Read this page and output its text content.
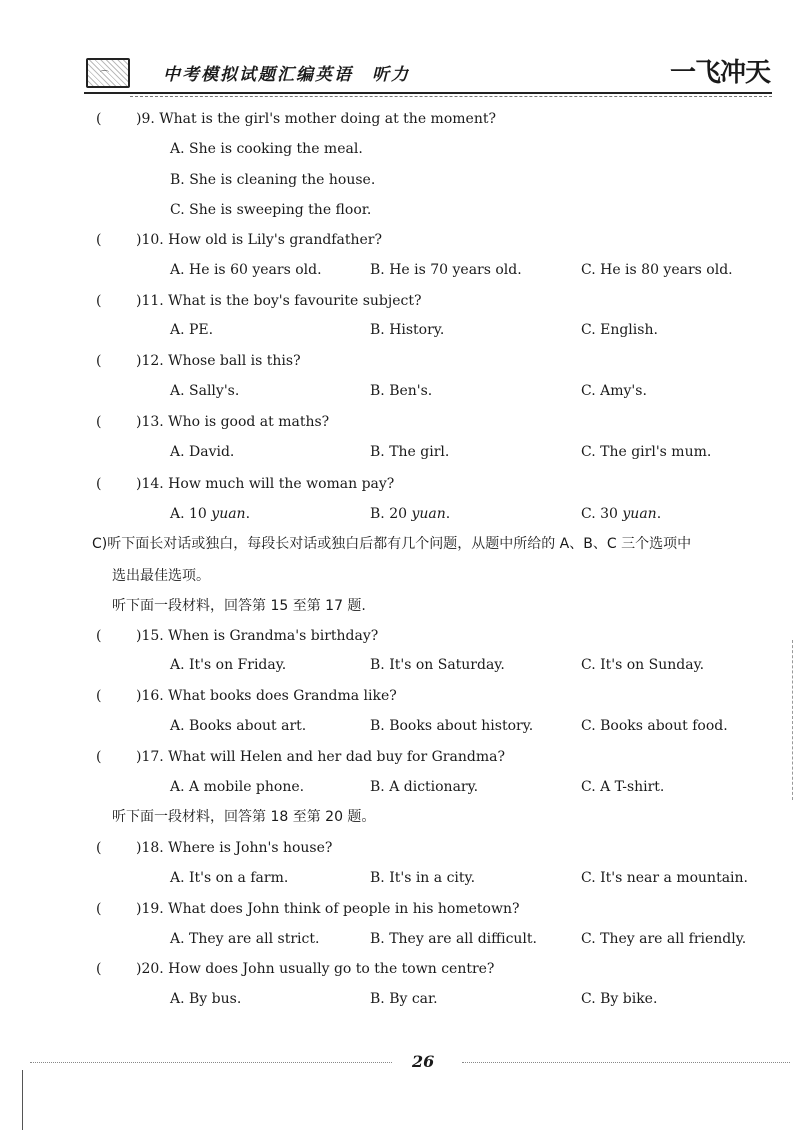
⌒	中考模拟试题汇编英语　听力	一飞冲天
( )9. What is the girl's mother doing at the moment?
A. She is cooking the meal.
B. She is cleaning the house.
C. She is sweeping the floor.
( )10. How old is Lily's grandfather?
A. He is 60 years old.	B. He is 70 years old.	C. He is 80 years old.
( )11. What is the boy's favourite subject?
A. PE.	B. History.	C. English.
( )12. Whose ball is this?
A. Sally's.	B. Ben's.	C. Amy's.
( )13. Who is good at maths?
A. David.	B. The girl.	C. The girl's mum.
( )14. How much will the woman pay?
A. 10 yuan.	B. 20 yuan.	C. 30 yuan.
C)听下面长对话或独白，每段长对话或独白后都有几个问题，从题中所给的 A、B、C 三个选项中
选出最佳选项。
听下面一段材料，回答第 15 至第 17 题.
( )15. When is Grandma's birthday?
A. It's on Friday.	B. It's on Saturday.	C. It's on Sunday.
( )16. What books does Grandma like?
A. Books about art.	B. Books about history.	C. Books about food.
( )17. What will Helen and her dad buy for Grandma?
A. A mobile phone.	B. A dictionary.	C. A T-shirt.
听下面一段材料，回答第 18 至第 20 题。
( )18. Where is John's house?
A. It's on a farm.	B. It's in a city.	C. It's near a mountain.
( )19. What does John think of people in his hometown?
A. They are all strict.	B. They are all difficult.	C. They are all friendly.
( )20. How does John usually go to the town centre?
A. By bus.	B. By car.	C. By bike.
26
